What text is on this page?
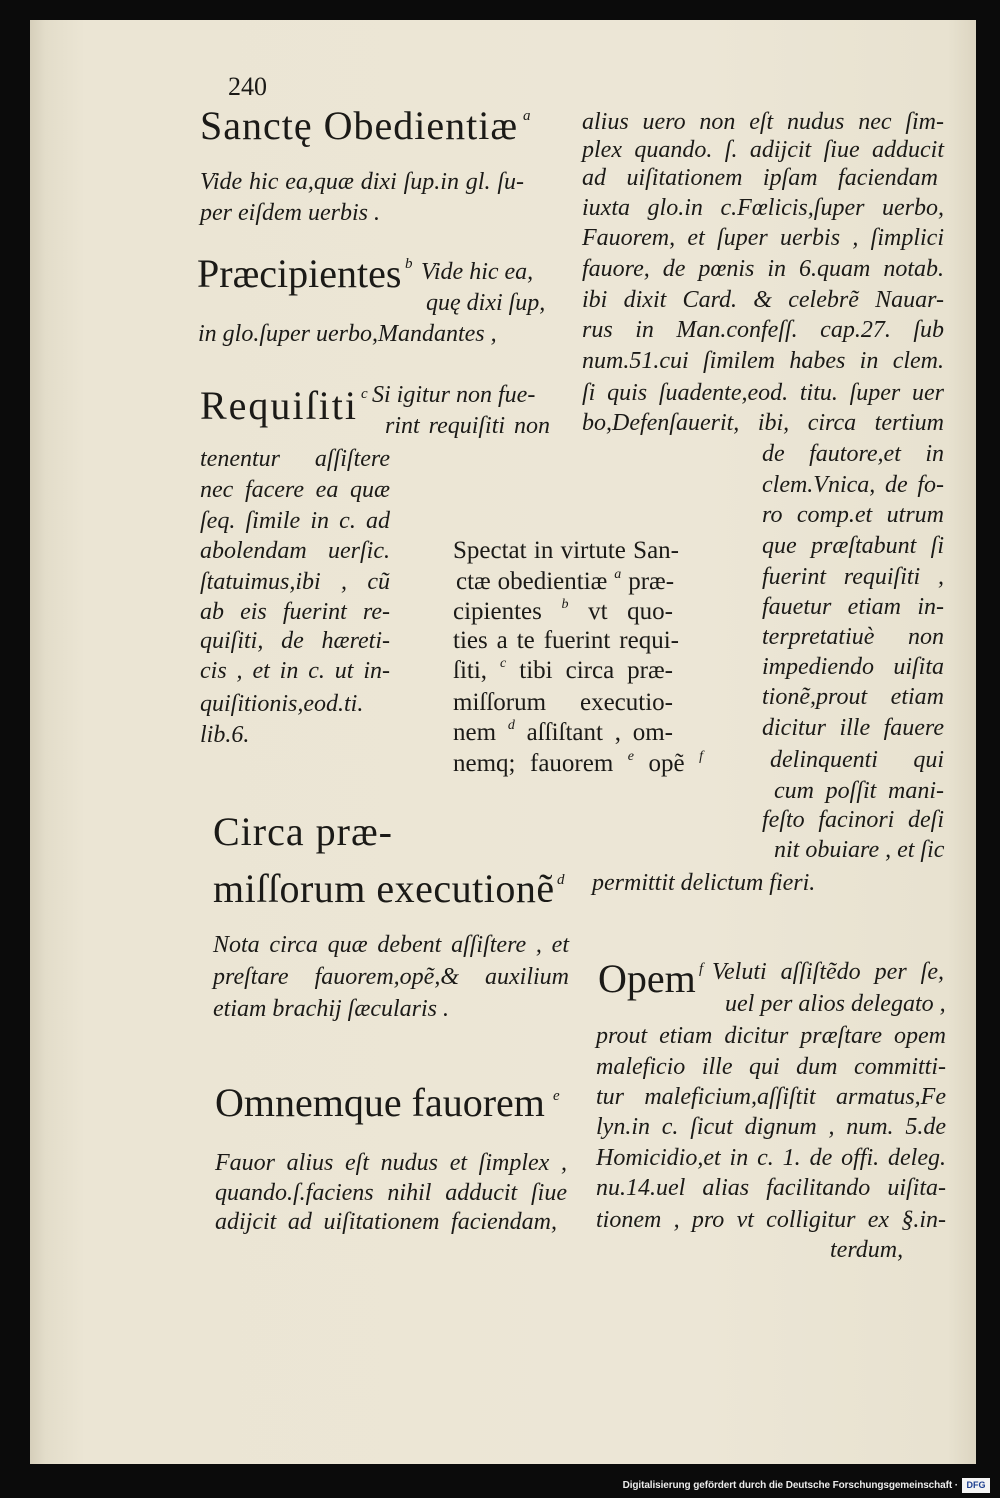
240
Sanctę Obedientiæ a
Vide hic ea,quæ dixi ſup.in gl. ſu-
per eiſdem uerbis .
Præcipientes b Vide hic ea,
quę dixi ſup,
in glo.ſuper uerbo,Mandantes ,
Requiſiti c Si igitur non fue-
rint requiſiti non
tenentur aſſiſtere
nec facere ea quæ
ſeq. ſimile in c. ad
abolendam uerſic.
ſtatuimus,ibi , cũ
ab eis fuerint re-
quiſiti, de hæreti-
cis , et in c. ut in-
quiſitionis,eod.ti.
lib.6.
Spectat in virtute San-
ctæ obedientiæ $^a$ præ-
cipientes $^b$ vt quo-
ties a te fuerint requi-
ſiti, $^c$ tibi circa præ-
miſſorum executio-
nem $^d$ aſſiſtant , om-
nemq; fauorem $^e$ opẽ $^f$
Circa præ-
miſſorum executionẽ d
Nota circa quæ debent aſſiſtere , et
preſtare fauorem,opẽ,& auxilium
etiam brachij ſæcularis .
Omnemque fauorem e
Fauor alius eſt nudus et ſimplex ,
quando.ſ.faciens nihil adducit ſiue
adijcit ad uiſitationem faciendam,
alius uero non eſt nudus nec ſim-
plex quando. ſ. adijcit ſiue adducit
ad uiſitationem ipſam faciendam
iuxta glo.in c.Fœlicis,ſuper uerbo,
Fauorem, et ſuper uerbis , ſimplici
fauore, de pœnis in 6.quam notab.
ibi dixit Card. & celebrẽ Nauar-
rus in Man.confeſſ. cap.27. ſub
num.51.cui ſimilem habes in clem.
ſi quis ſuadente,eod. titu. ſuper uer
bo,Defenſauerit, ibi, circa tertium
de fautore,et in
clem.Vnica, de fo-
ro comp.et utrum
que præſtabunt ſi
fuerint requiſiti ,
fauetur etiam in-
terpretatiuè non
impediendo uiſita
tionẽ,prout etiam
dicitur ille fauere
delinquenti qui
cum poſſit mani-
feſto facinori deſi
nit obuiare , et ſic
permittit delictum fieri.
Opem f Veluti aſſiſtẽdo per ſe,
uel per alios delegato ,
prout etiam dicitur præſtare opem
maleficio ille qui dum committi-
tur maleficium,aſſiſtit armatus,Fe
lyn.in c. ſicut dignum , num. 5.de
Homicidio,et in c. 1. de offi. deleg.
nu.14.uel alias facilitando uiſita-
tionem , pro vt colligitur ex §.in-
terdum,
Digitalisierung gefördert durch die Deutsche Forschungsgemeinschaft · DFG
